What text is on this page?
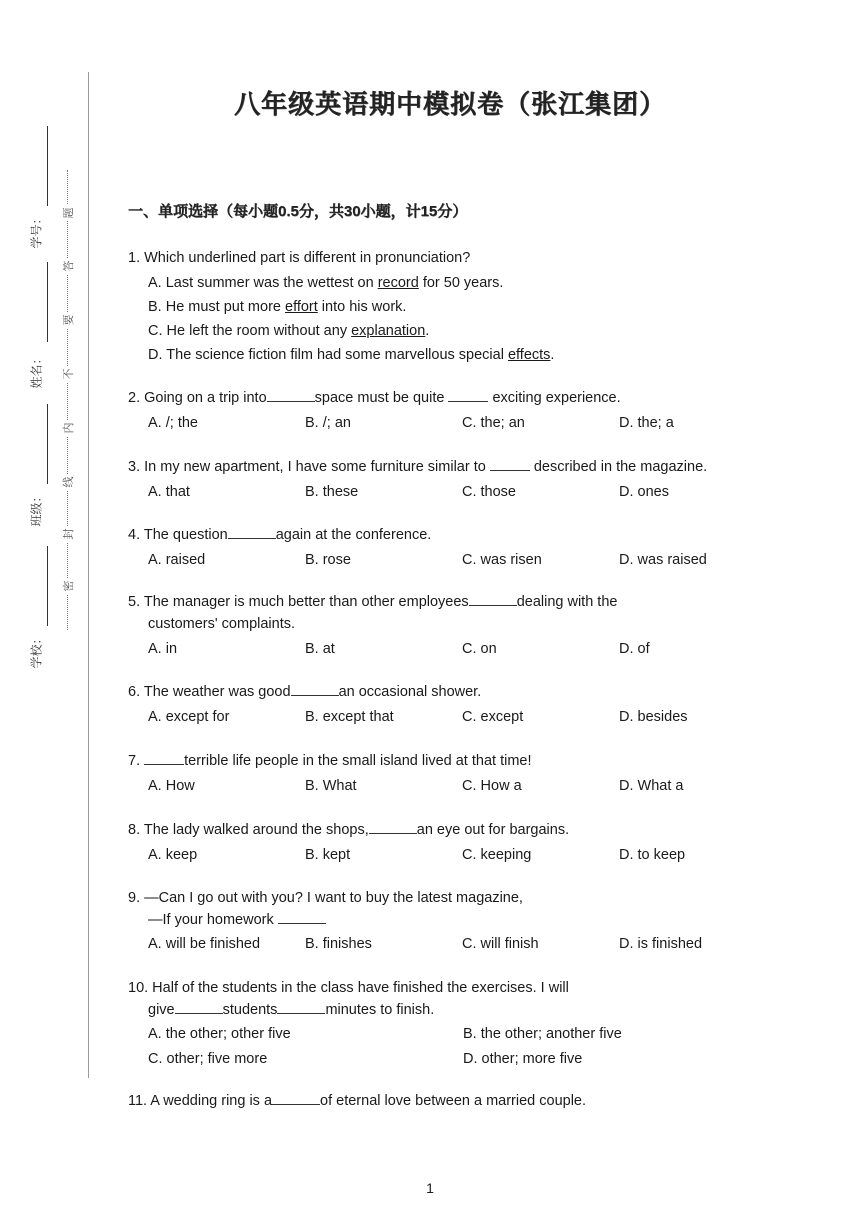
学号：
姓名：
班级：
学校：
题
答
要
不
内
线
封
密
八年级英语期中模拟卷（张江集团）
一、单项选择（每小题0.5分，共30小题，计15分）
1. Which underlined part is different in pronunciation?
A. Last summer was the wettest on record for 50 years.
B. He must put more effort into his work.
C. He left the room without any explanation.
D. The science fiction film had some marvellous special effects.
2. Going on a trip into	space must be quite	exciting experience.
A. /; the	B. /; an	C. the; an	D. the; a
3. In my new apartment, I have some furniture similar to	described in the magazine.
A. that	B. these	C. those	D. ones
4. The question	again at the conference.
A. raised	B. rose	C. was risen	D. was raised
5. The manager is much better than other employees	dealing with the
customers' complaints.
A. in	B. at	C. on	D. of
6. The weather was good	an occasional shower.
A. except for	B. except that	C. except	D. besides
7.	terrible life people in the small island lived at that time!
A. How	B. What	C. How a	D. What a
8. The lady walked around the shops,	an eye out for bargains.
A. keep	B. kept	C. keeping	D. to keep
9. —Can I go out with you? I want to buy the latest magazine,
—If your homework
A. will be finished	B. finishes	C. will finish	D. is finished
10. Half of the students in the class have finished the exercises. I will
give	students	minutes to finish.
A. the other; other five	B. the other; another five
C. other; five more	D. other; more five
11. A wedding ring is a	of eternal love between a married couple.
1
